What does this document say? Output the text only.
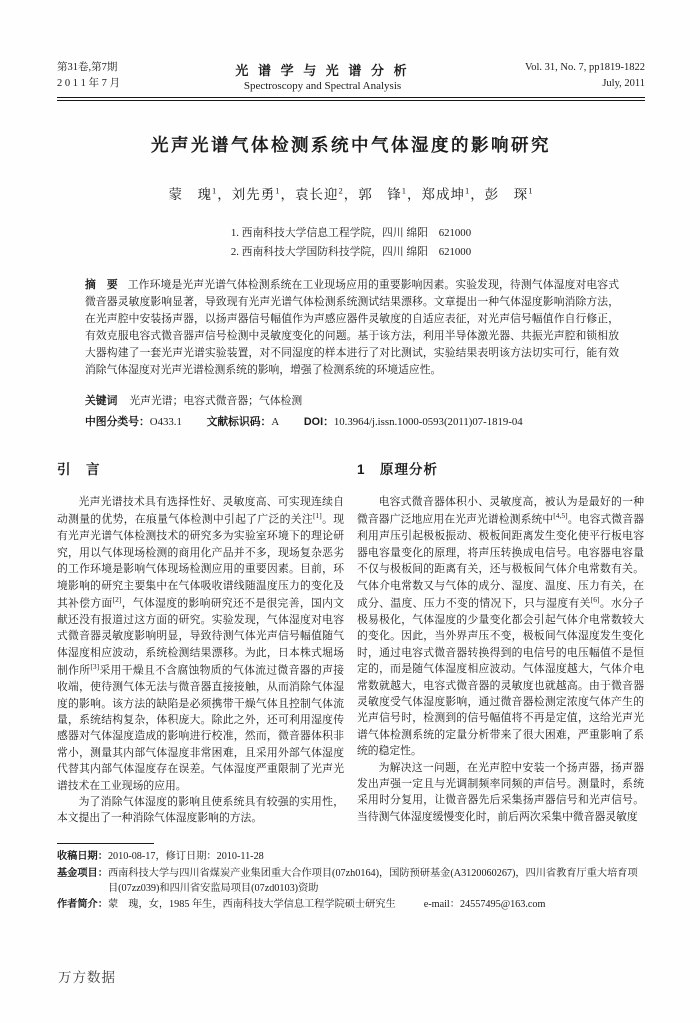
第31卷,第7期
2 0 1 1 年 7 月
光 谱 学 与 光 谱 分 析
Spectroscopy and Spectral Analysis
Vol. 31, No. 7, pp1819-1822
July, 2011
光声光谱气体检测系统中气体湿度的影响研究
蒙　瑰$^1$，刘先勇$^1$，袁长迎$^2$，郭　锋$^1$，郑成坤$^1$，彭　琛$^1$
1. 西南科技大学信息工程学院，四川 绵阳　621000
2. 西南科技大学国防科技学院，四川 绵阳　621000
摘　要 工作环境是光声光谱气体检测系统在工业现场应用的重要影响因素。实验发现，待测气体湿度对电容式微音器灵敏度影响显著，导致现有光声光谱气体检测系统测试结果漂移。文章提出一种气体湿度影响消除方法，在光声腔中安装扬声器，以扬声器信号幅值作为声感应器件灵敏度的自适应表征，对光声信号幅值作自行修正，有效克服电容式微音器声信号检测中灵敏度变化的问题。基于该方法，利用半导体激光器、共振光声腔和锁相放大器构建了一套光声光谱实验装置，对不同湿度的样本进行了对比测试，实验结果表明该方法切实可行，能有效消除气体湿度对光声光谱检测系统的影响，增强了检测系统的环境适应性。
关键词 光声光谱；电容式微音器；气体检测
中图分类号：O433.1 文献标识码：A DOI：10.3964/j.issn.1000-0593(2011)07-1819-04
引　言

光声光谱技术具有选择性好、灵敏度高、可实现连续自动测量的优势，在痕量气体检测中引起了广泛的关注[1]。现有光声光谱气体检测技术的研究多为实验室环境下的理论研究，用以气体现场检测的商用化产品并不多，现场复杂恶劣的工作环境是影响气体现场检测应用的重要因素。目前，环境影响的研究主要集中在气体吸收谱线随温度压力的变化及其补偿方面[2]，气体湿度的影响研究还不是很完善，国内文献还没有报道过这方面的研究。实验发现，气体湿度对电容式微音器灵敏度影响明显，导致待测气体光声信号幅值随气体湿度相应波动，系统检测结果漂移。为此，日本株式堀场制作所[3]采用干燥且不含腐蚀物质的气体流过微音器的声接收端，使待测气体无法与微音器直接接触，从而消除气体湿度的影响。该方法的缺陷是必须携带干燥气体且控制气体流量，系统结构复杂，体积庞大。除此之外，还可利用湿度传感器对气体湿度造成的影响进行校准，然而，微音器体积非常小，测量其内部气体湿度非常困难，且采用外部气体湿度代替其内部气体湿度存在误差。气体湿度严重限制了光声光谱技术在工业现场的应用。

为了消除气体湿度的影响且使系统具有较强的实用性，本文提出了一种消除气体湿度影响的方法。

1　原理分析

电容式微音器体积小、灵敏度高，被认为是最好的一种微音器广泛地应用在光声光谱检测系统中[4,5]。电容式微音器利用声压引起极板振动、极板间距离发生变化使平行板电容器电容量变化的原理，将声压转换成电信号。电容器电容量不仅与极板间的距离有关，还与极板间气体介电常数有关。气体介电常数又与气体的成分、湿度、温度、压力有关，在成分、温度、压力不变的情况下，只与湿度有关[6]。水分子极易极化，气体湿度的少量变化都会引起气体介电常数较大的变化。因此，当外界声压不变，极板间气体湿度发生变化时，通过电容式微音器转换得到的电信号的电压幅值不是恒定的，而是随气体湿度相应波动。气体湿度越大，气体介电常数就越大，电容式微音器的灵敏度也就越高。由于微音器灵敏度受气体湿度影响，通过微音器检测定浓度气体产生的光声信号时，检测到的信号幅值将不再是定值，这给光声光谱气体检测系统的定量分析带来了很大困难，严重影响了系统的稳定性。

为解决这一问题，在光声腔中安装一个扬声器，扬声器发出声强一定且与光调制频率同频的声信号。测量时，系统采用时分复用，让微音器先后采集扬声器信号和光声信号。当待测气体湿度缓慢变化时，前后两次采集中微音器灵敏度

收稿日期： 2010-08-17，修订日期：2010-11-28
基金项目： 西南科技大学与四川省煤炭产业集团重大合作项目(07zh0164)，国防预研基金(A3120060267)，四川省教育厅重大培育项目(07zz039)和四川省安监局项目(07zd0103)资助
作者简介： 蒙　瑰，女，1985 年生，西南科技大学信息工程学院硕士研究生	e-mail：24557495@163.com
万方数据
